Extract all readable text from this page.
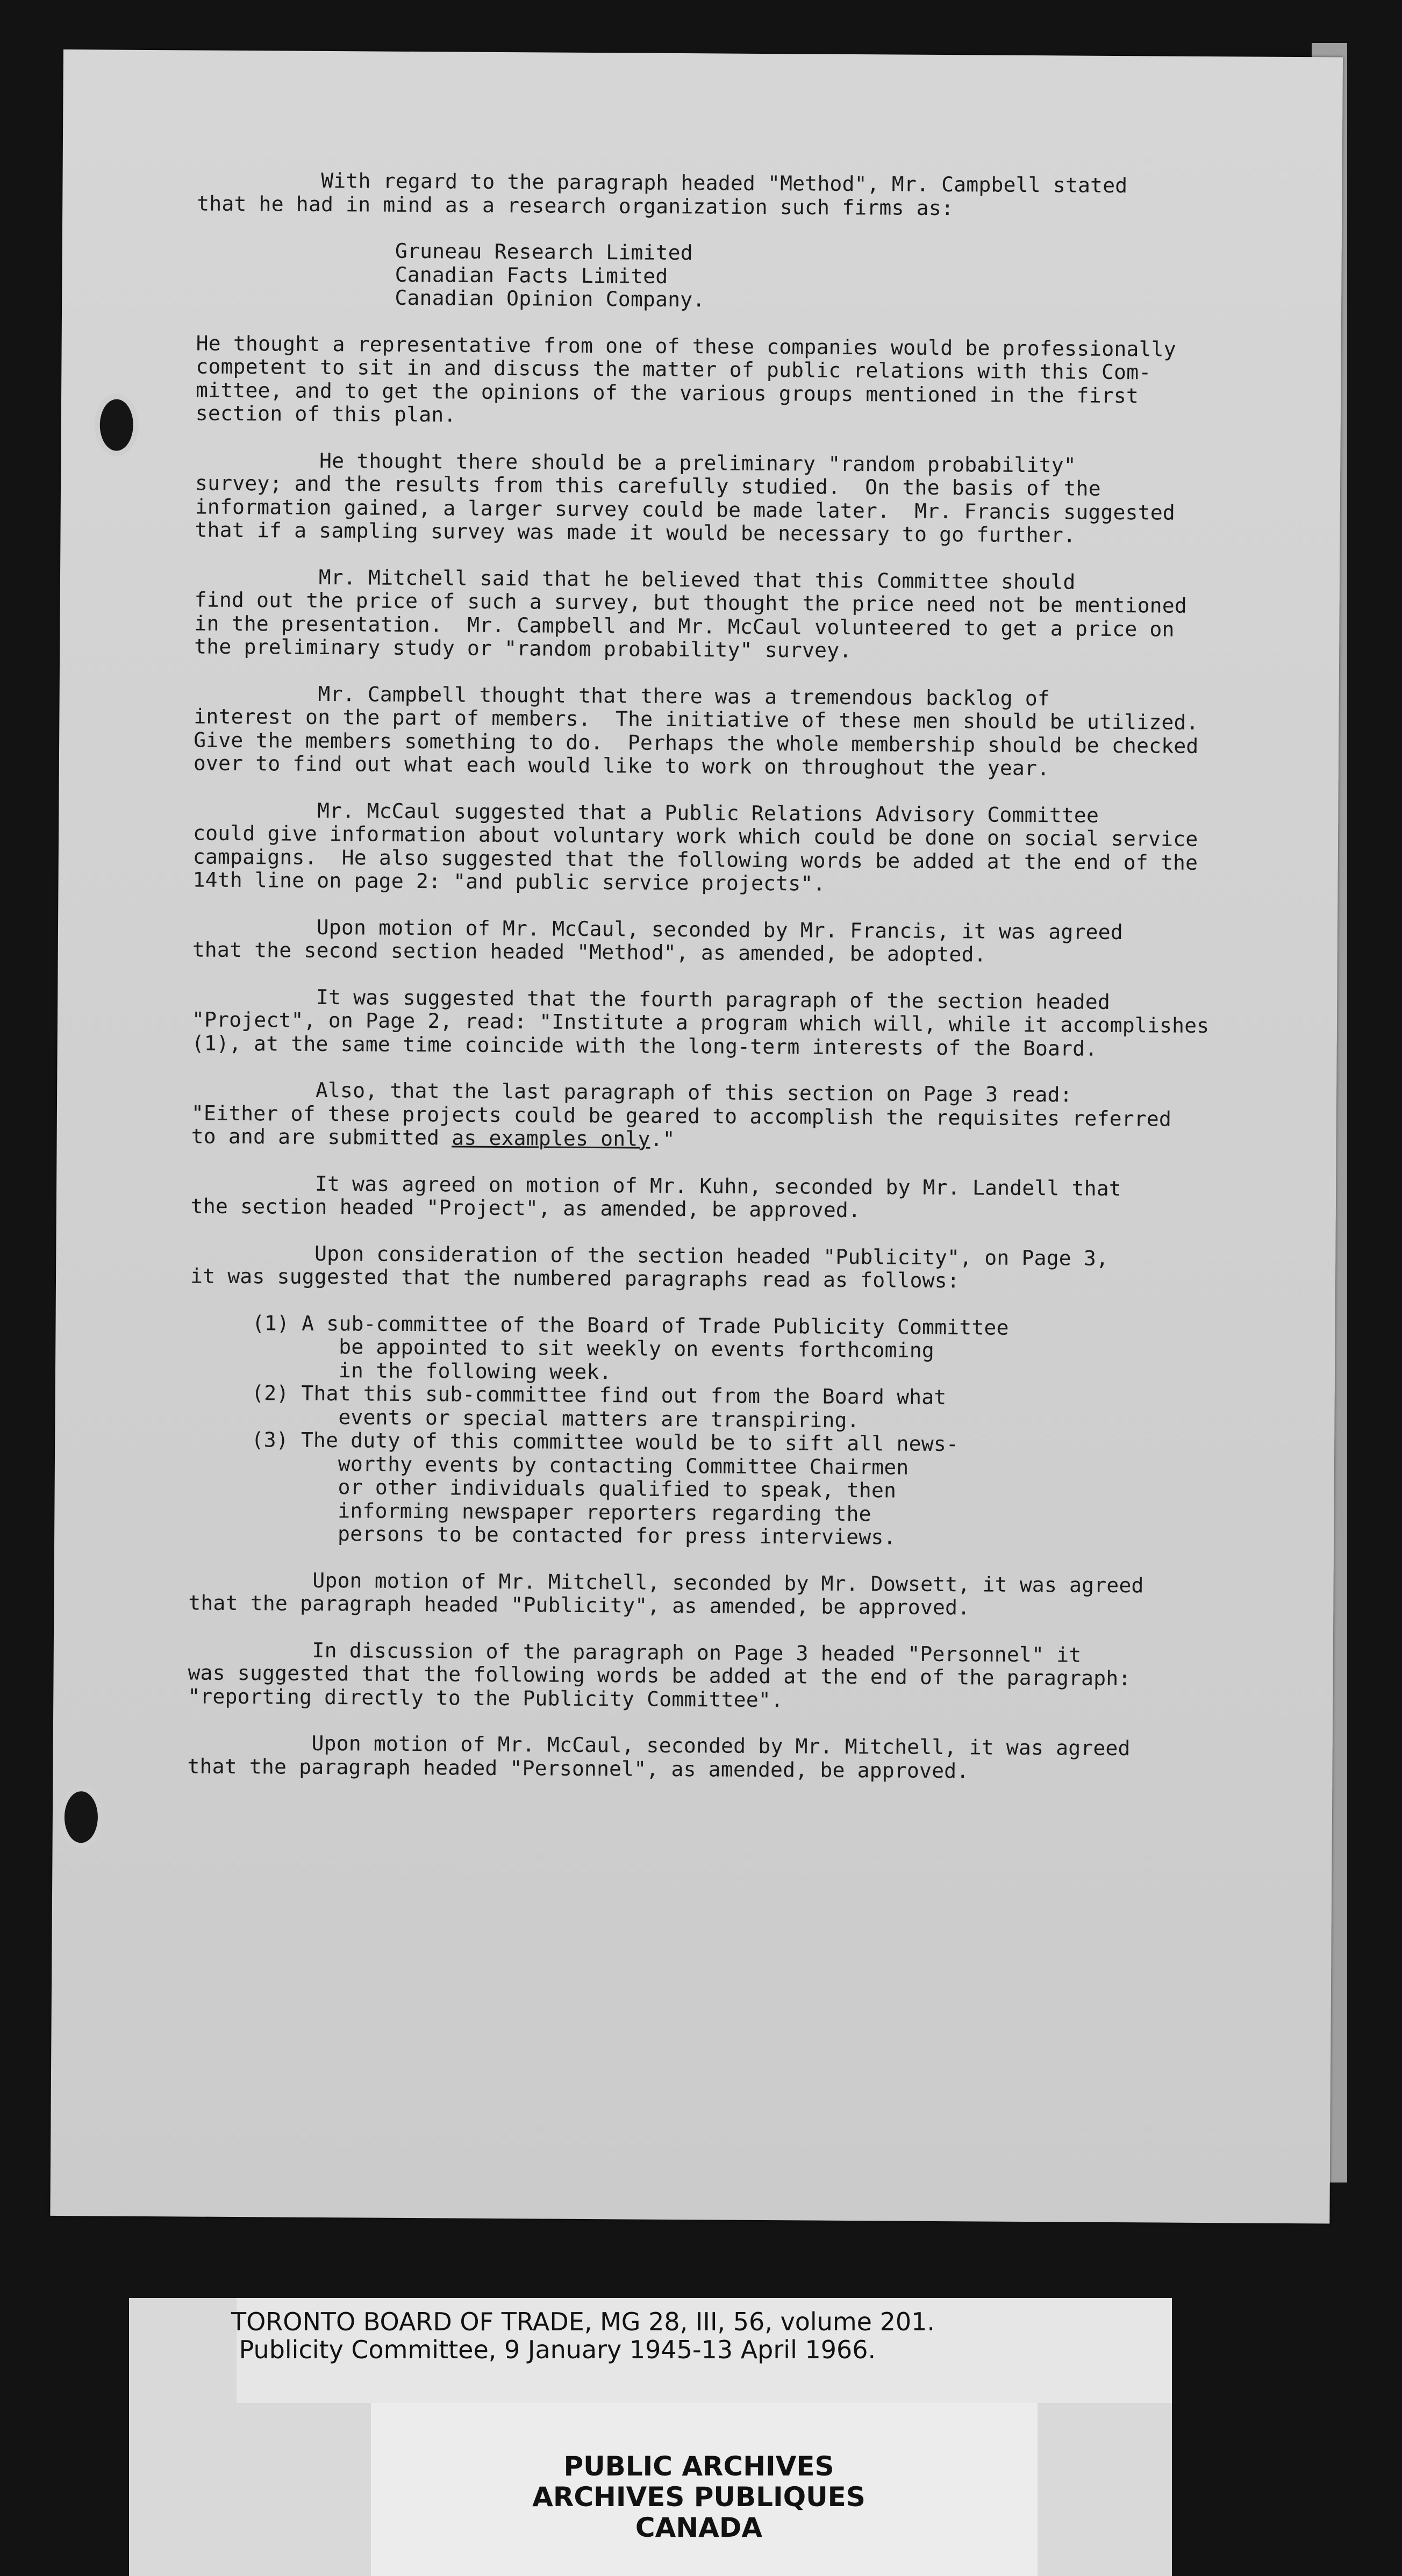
With regard to the paragraph headed "Method", Mr. Campbell stated
that he had in mind as a research organization such firms as:
Gruneau Research Limited
Canadian Facts Limited
Canadian Opinion Company.
He thought a representative from one of these companies would be professionally
competent to sit in and discuss the matter of public relations with this Com-
mittee, and to get the opinions of the various groups mentioned in the first
section of this plan.
He thought there should be a preliminary "random probability"
survey; and the results from this carefully studied.  On the basis of the
information gained, a larger survey could be made later.  Mr. Francis suggested
that if a sampling survey was made it would be necessary to go further.
Mr. Mitchell said that he believed that this Committee should
find out the price of such a survey, but thought the price need not be mentioned
in the presentation.  Mr. Campbell and Mr. McCaul volunteered to get a price on
the preliminary study or "random probability" survey.
Mr. Campbell thought that there was a tremendous backlog of
interest on the part of members.  The initiative of these men should be utilized.
Give the members something to do.  Perhaps the whole membership should be checked
over to find out what each would like to work on throughout the year.
Mr. McCaul suggested that a Public Relations Advisory Committee
could give information about voluntary work which could be done on social service
campaigns.  He also suggested that the following words be added at the end of the
14th line on page 2: "and public service projects".
Upon motion of Mr. McCaul, seconded by Mr. Francis, it was agreed
that the second section headed "Method", as amended, be adopted.
It was suggested that the fourth paragraph of the section headed
"Project", on Page 2, read: "Institute a program which will, while it accomplishes
(1), at the same time coincide with the long-term interests of the Board.
Also, that the last paragraph of this section on Page 3 read:
"Either of these projects could be geared to accomplish the requisites referred
to and are submitted as examples only."
It was agreed on motion of Mr. Kuhn, seconded by Mr. Landell that
the section headed "Project", as amended, be approved.
Upon consideration of the section headed "Publicity", on Page 3,
it was suggested that the numbered paragraphs read as follows:
(1) A sub-committee of the Board of Trade Publicity Committee
be appointed to sit weekly on events forthcoming
in the following week.
(2) That this sub-committee find out from the Board what
events or special matters are transpiring.
(3) The duty of this committee would be to sift all news-
worthy events by contacting Committee Chairmen
or other individuals qualified to speak, then
informing newspaper reporters regarding the
persons to be contacted for press interviews.
Upon motion of Mr. Mitchell, seconded by Mr. Dowsett, it was agreed
that the paragraph headed "Publicity", as amended, be approved.
In discussion of the paragraph on Page 3 headed "Personnel" it
was suggested that the following words be added at the end of the paragraph:
"reporting directly to the Publicity Committee".
Upon motion of Mr. McCaul, seconded by Mr. Mitchell, it was agreed
that the paragraph headed "Personnel", as amended, be approved.
TORONTO BOARD OF TRADE, MG 28, III, 56, volume 201.
Publicity Committee, 9 January 1945-13 April 1966.
PUBLIC ARCHIVES
ARCHIVES PUBLIQUES
CANADA
